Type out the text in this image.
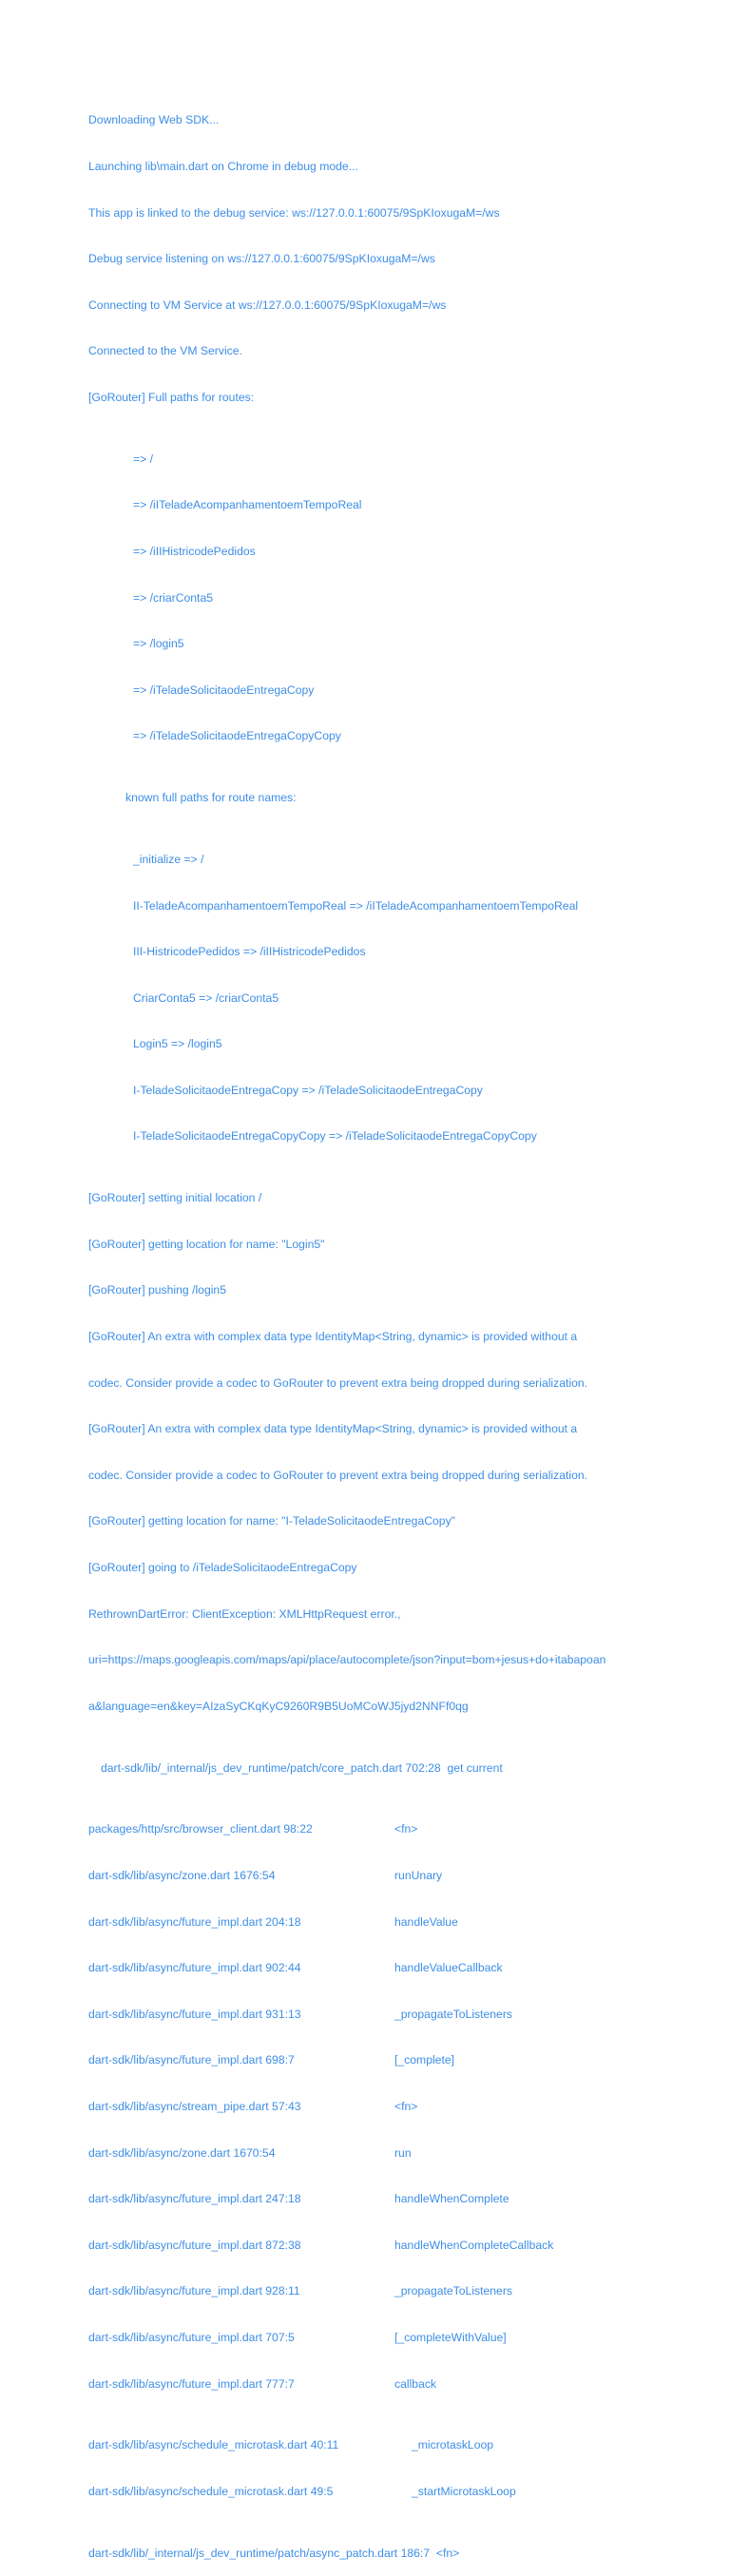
Downloading Web SDK...

Launching lib\main.dart on Chrome in debug mode...

This app is linked to the debug service: ws://127.0.0.1:60075/9SpKIoxugaM=/ws

Debug service listening on ws://127.0.0.1:60075/9SpKIoxugaM=/ws

Connecting to VM Service at ws://127.0.0.1:60075/9SpKIoxugaM=/ws

Connected to the VM Service.

[GoRouter] Full paths for routes:

=> /

=> /iITeladeAcompanhamentoemTempoReal

=> /iIIHistricodePedidos

=> /criarConta5

=> /login5

=> /iTeladeSolicitaodeEntregaCopy

=> /iTeladeSolicitaodeEntregaCopyCopy

known full paths for route names:

_initialize => /

II-TeladeAcompanhamentoemTempoReal => /iITeladeAcompanhamentoemTempoReal

III-HistricodePedidos => /iIIHistricodePedidos

CriarConta5 => /criarConta5

Login5 => /login5

I-TeladeSolicitaodeEntregaCopy => /iTeladeSolicitaodeEntregaCopy

I-TeladeSolicitaodeEntregaCopyCopy => /iTeladeSolicitaodeEntregaCopyCopy

[GoRouter] setting initial location /

[GoRouter] getting location for name: "Login5"

[GoRouter] pushing /login5

[GoRouter] An extra with complex data type IdentityMap<String, dynamic> is provided without a

codec. Consider provide a codec to GoRouter to prevent extra being dropped during serialization.

[GoRouter] An extra with complex data type IdentityMap<String, dynamic> is provided without a

codec. Consider provide a codec to GoRouter to prevent extra being dropped during serialization.

[GoRouter] getting location for name: "I-TeladeSolicitaodeEntregaCopy"

[GoRouter] going to /iTeladeSolicitaodeEntregaCopy

RethrownDartError: ClientException: XMLHttpRequest error.,

uri=https://maps.googleapis.com/maps/api/place/autocomplete/json?input=bom+jesus+do+itabapoan

a&language=en&key=AIzaSyCKqKyC9260R9B5UoMCoWJ5jyd2NNFf0qg

dart-sdk/lib/_internal/js_dev_runtime/patch/core_patch.dart 702:28  get current

packages/http/src/browser_client.dart 98:22	<fn>

dart-sdk/lib/async/zone.dart 1676:54	runUnary

dart-sdk/lib/async/future_impl.dart 204:18	handleValue

dart-sdk/lib/async/future_impl.dart 902:44	handleValueCallback

dart-sdk/lib/async/future_impl.dart 931:13	_propagateToListeners

dart-sdk/lib/async/future_impl.dart 698:7	[_complete]

dart-sdk/lib/async/stream_pipe.dart 57:43	<fn>

dart-sdk/lib/async/zone.dart 1670:54	run

dart-sdk/lib/async/future_impl.dart 247:18	handleWhenComplete

dart-sdk/lib/async/future_impl.dart 872:38	handleWhenCompleteCallback

dart-sdk/lib/async/future_impl.dart 928:11	_propagateToListeners

dart-sdk/lib/async/future_impl.dart 707:5	[_completeWithValue]

dart-sdk/lib/async/future_impl.dart 777:7	callback

dart-sdk/lib/async/schedule_microtask.dart 40:11	_microtaskLoop

dart-sdk/lib/async/schedule_microtask.dart 49:5	_startMicrotaskLoop

dart-sdk/lib/_internal/js_dev_runtime/patch/async_patch.dart 186:7  <fn>
